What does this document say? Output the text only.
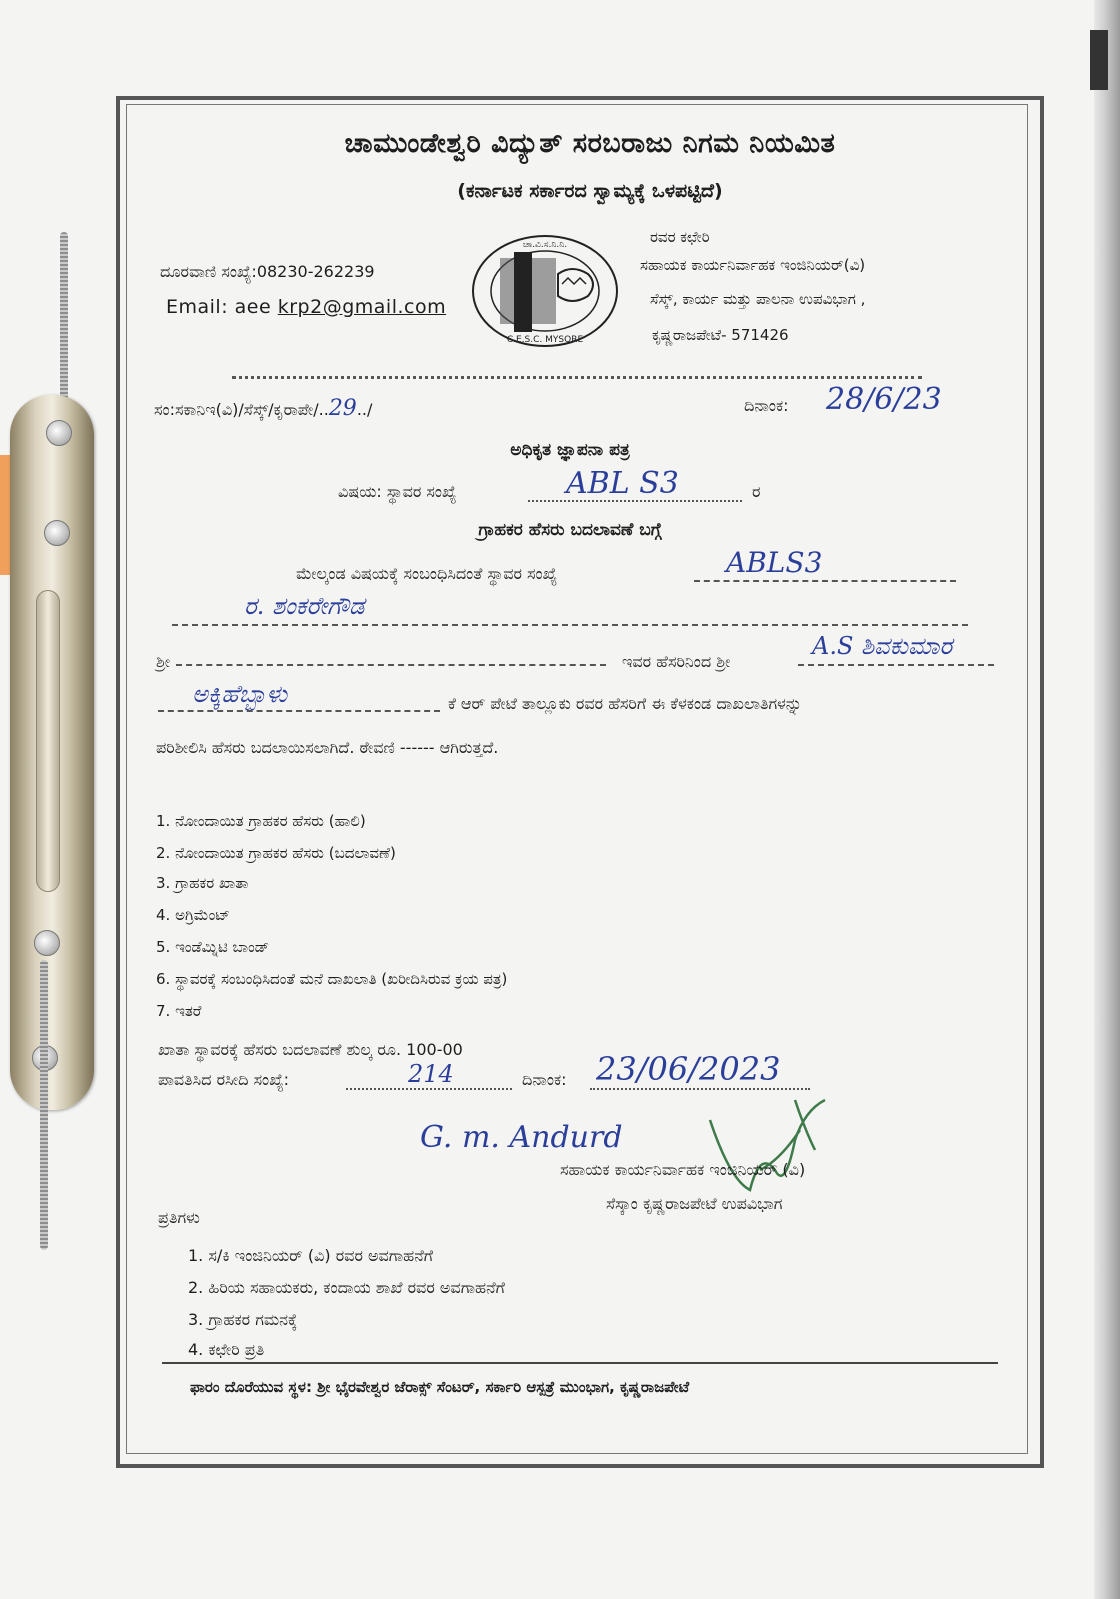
ಚಾಮುಂಡೇಶ್ವರಿ ವಿದ್ಯುತ್ ಸರಬರಾಜು ನಿಗಮ ನಿಯಮಿತ
(ಕರ್ನಾಟಕ ಸರ್ಕಾರದ ಸ್ವಾಮ್ಯಕ್ಕೆ ಒಳಪಟ್ಟಿದೆ)
ದೂರವಾಣಿ ಸಂಖ್ಯೆ:08230-262239
Email: aee krp2@gmail.com
ಚಾ.ವಿ.ಸ.ನಿ.ನಿ.
C.E.S.C. MYSORE
ರವರ ಕಛೇರಿ
ಸಹಾಯಕ ಕಾರ್ಯನಿರ್ವಾಹಕ ಇಂಜಿನಿಯರ್(ವಿ)
ಸೆಸ್ಕ್, ಕಾರ್ಯ ಮತ್ತು ಪಾಲನಾ ಉಪವಿಭಾಗ ,
ಕೃಷ್ಣರಾಜಪೇಟೆ- 571426
ಸಂ:ಸಕಾನಿಇ(ವಿ)/ಸೆಸ್ಕ್/ಕೃರಾಪೇ/..29../	ದಿನಾಂಕ: 28/6/23
ಅಧಿಕೃತ ಜ್ಞಾಪನಾ ಪತ್ರ
ವಿಷಯ: ಸ್ಥಾವರ ಸಂಖ್ಯೆ	ABL S3	ರ
ಗ್ರಾಹಕರ ಹೆಸರು ಬದಲಾವಣೆ ಬಗ್ಗೆ
ಮೇಲ್ಕಂಡ ವಿಷಯಕ್ಕೆ ಸಂಬಂಧಿಸಿದಂತೆ ಸ್ಥಾವರ ಸಂಖ್ಯೆ	ABLS3
ರ. ಶಂಕರೇಗೌಡ
ಶ್ರೀ	ಇವರ ಹೆಸರಿನಿಂದ ಶ್ರೀ
A.S ಶಿವಕುಮಾರ
ಅಕ್ಕಿಹೆಬ್ಬಾಳು	ಕೆ ಆರ್ ಪೇಟೆ ತಾಲ್ಲೂಕು ರವರ ಹೆಸರಿಗೆ ಈ ಕೆಳಕಂಡ ದಾಖಲಾತಿಗಳನ್ನು
ಪರಿಶೀಲಿಸಿ ಹೆಸರು ಬದಲಾಯಿಸಲಾಗಿದೆ. ಠೇವಣಿ ------ ಆಗಿರುತ್ತದೆ.
1. ನೋಂದಾಯಿತ ಗ್ರಾಹಕರ ಹೆಸರು (ಹಾಲಿ)
2. ನೋಂದಾಯಿತ ಗ್ರಾಹಕರ ಹೆಸರು (ಬದಲಾವಣೆ)
3. ಗ್ರಾಹಕರ ಖಾತಾ
4. ಅಗ್ರಿಮೆಂಟ್
5. ಇಂಡೆಮ್ನಿಟಿ ಬಾಂಡ್
6. ಸ್ಥಾವರಕ್ಕೆ ಸಂಬಂಧಿಸಿದಂತೆ ಮನೆ ದಾಖಲಾತಿ (ಖರೀದಿಸಿರುವ ಕ್ರಯ ಪತ್ರ)
7. ಇತರೆ
ಖಾತಾ ಸ್ಥಾವರಕ್ಕೆ ಹೆಸರು ಬದಲಾವಣೆ ಶುಲ್ಕ ರೂ. 100-00
ಪಾವತಿಸಿದ ರಸೀದಿ ಸಂಖ್ಯೆ:	214	ದಿನಾಂಕ: 23/06/2023
G. m. Andurd
ಸಹಾಯಕ ಕಾರ್ಯನಿರ್ವಾಹಕ ಇಂಜಿನಿಯರ್ (ವಿ)
ಸೆಸ್ಕಾಂ ಕೃಷ್ಣರಾಜಪೇಟೆ ಉಪವಿಭಾಗ
ಪ್ರತಿಗಳು
1. ಸ/ಕಿ ಇಂಜಿನಿಯರ್ (ವಿ) ರವರ ಅವಗಾಹನೆಗೆ
2. ಹಿರಿಯ ಸಹಾಯಕರು, ಕಂದಾಯ ಶಾಖೆ ರವರ ಅವಗಾಹನೆಗೆ
3. ಗ್ರಾಹಕರ ಗಮನಕ್ಕೆ
4. ಕಛೇರಿ ಪ್ರತಿ
ಫಾರಂ ದೊರೆಯುವ ಸ್ಥಳ: ಶ್ರೀ ಭೈರವೇಶ್ವರ ಜೆರಾಕ್ಸ್ ಸೆಂಟರ್, ಸರ್ಕಾರಿ ಆಸ್ಪತ್ರೆ ಮುಂಭಾಗ, ಕೃಷ್ಣರಾಜಪೇಟೆ
